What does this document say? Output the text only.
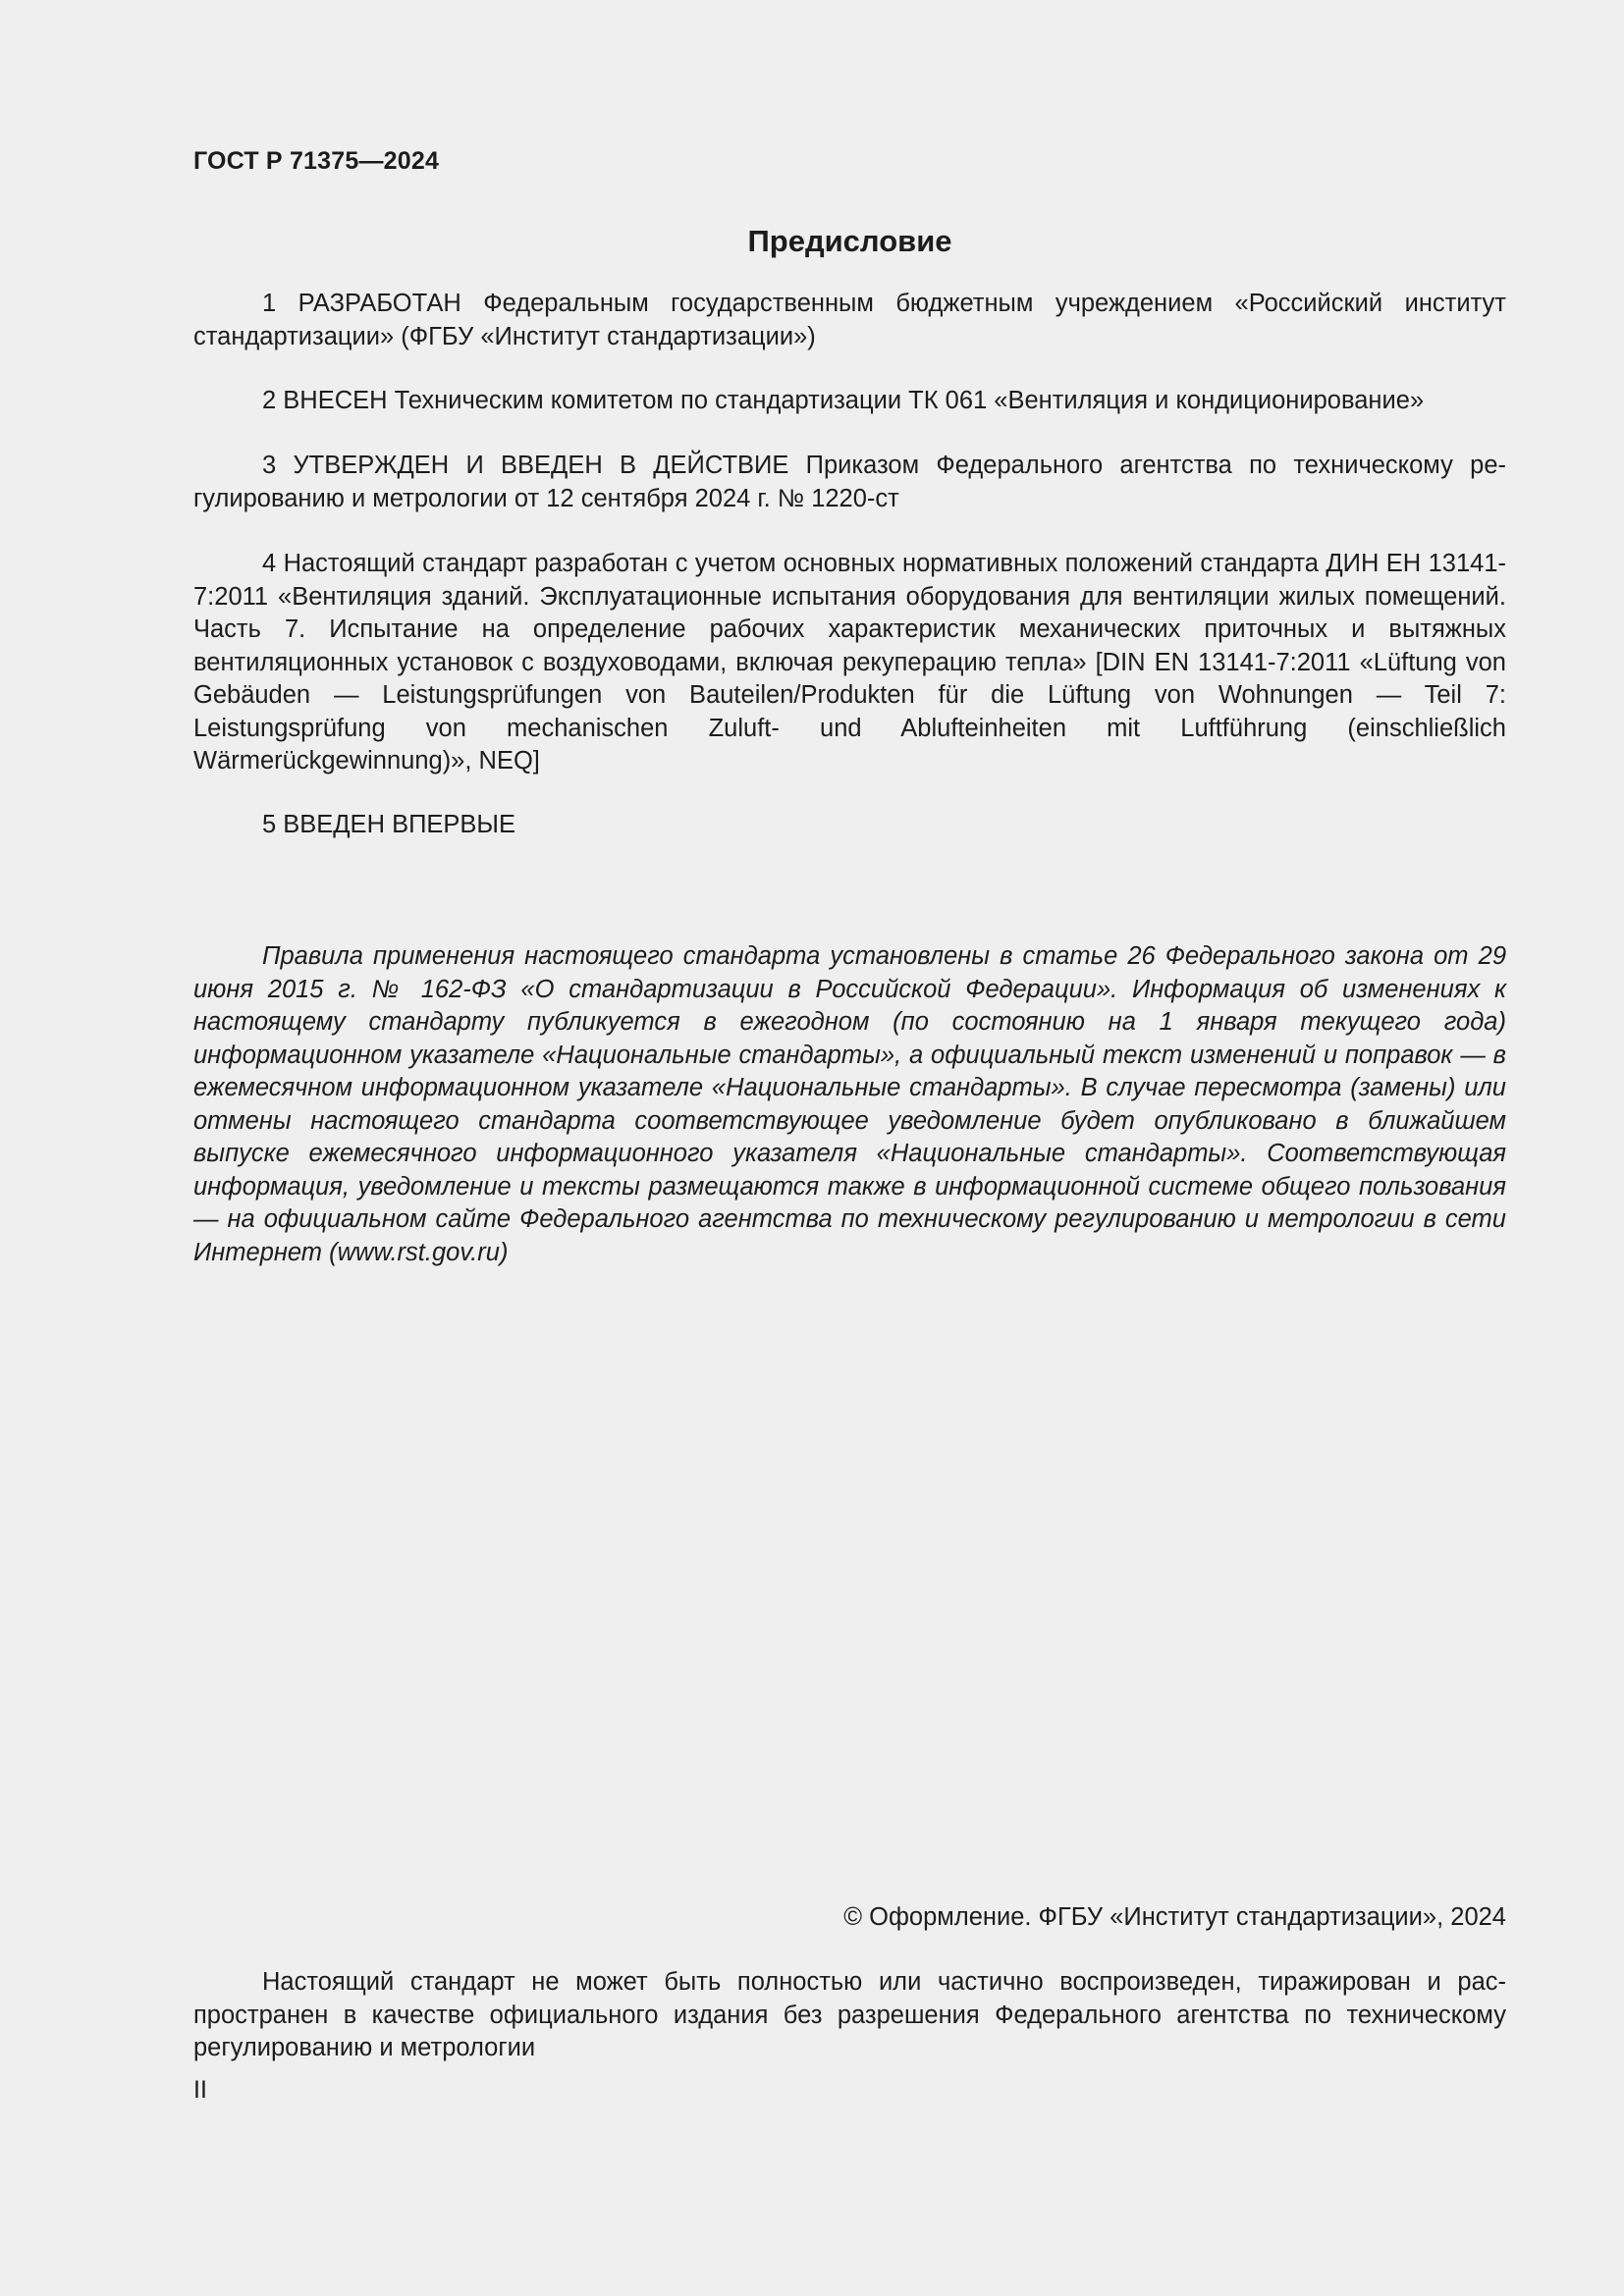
ГОСТ Р 71375—2024
Предисловие

1 РАЗРАБОТАН Федеральным государственным бюджетным учреждением «Российский институт стандартизации» (ФГБУ «Институт стандартизации»)

2 ВНЕСЕН Техническим комитетом по стандартизации ТК 061 «Вентиляция и кондиционирование»

3 УТВЕРЖДЕН И ВВЕДЕН В ДЕЙСТВИЕ Приказом Федерального агентства по техническому регулированию и метрологии от 12 сентября 2024 г. № 1220-ст

4 Настоящий стандарт разработан с учетом основных нормативных положений стандарта ДИН ЕН 13141-7:2011 «Вентиляция зданий. Эксплуатационные испытания оборудования для вентиляции жилых помещений. Часть 7. Испытание на определение рабочих характеристик механических приточных и вытяжных вентиляционных установок с воздуховодами, включая рекуперацию тепла» [DIN EN 13141-7:2011 «Lüftung von Gebäuden — Leistungsprüfungen von Bauteilen/Produkten für die Lüftung von Wohnungen — Teil 7: Leistungsprüfung von mechanischen Zuluft- und Ablufteinheiten mit Luftführung (einschließlich Wärmerückgewinnung)», NEQ]

5 ВВЕДЕН ВПЕРВЫЕ

Правила применения настоящего стандарта установлены в статье 26 Федерального закона от 29 июня 2015 г. № 162-ФЗ «О стандартизации в Российской Федерации». Информация об изменениях к настоящему стандарту публикуется в ежегодном (по состоянию на 1 января текущего года) информационном указателе «Национальные стандарты», а официальный текст изменений и поправок — в ежемесячном информационном указателе «Национальные стандарты». В случае пересмотра (замены) или отмены настоящего стандарта соответствующее уведомление будет опубликовано в ближайшем выпуске ежемесячного информационного указателя «Национальные стандарты». Соответствующая информация, уведомление и тексты размещаются также в информационной системе общего пользования — на официальном сайте Федерального агентства по техническому регулированию и метрологии в сети Интернет (www.rst.gov.ru)

© Оформление. ФГБУ «Институт стандартизации», 2024

Настоящий стандарт не может быть полностью или частично воспроизведен, тиражирован и распространен в качестве официального издания без разрешения Федерального агентства по техническому регулированию и метрологии

II
